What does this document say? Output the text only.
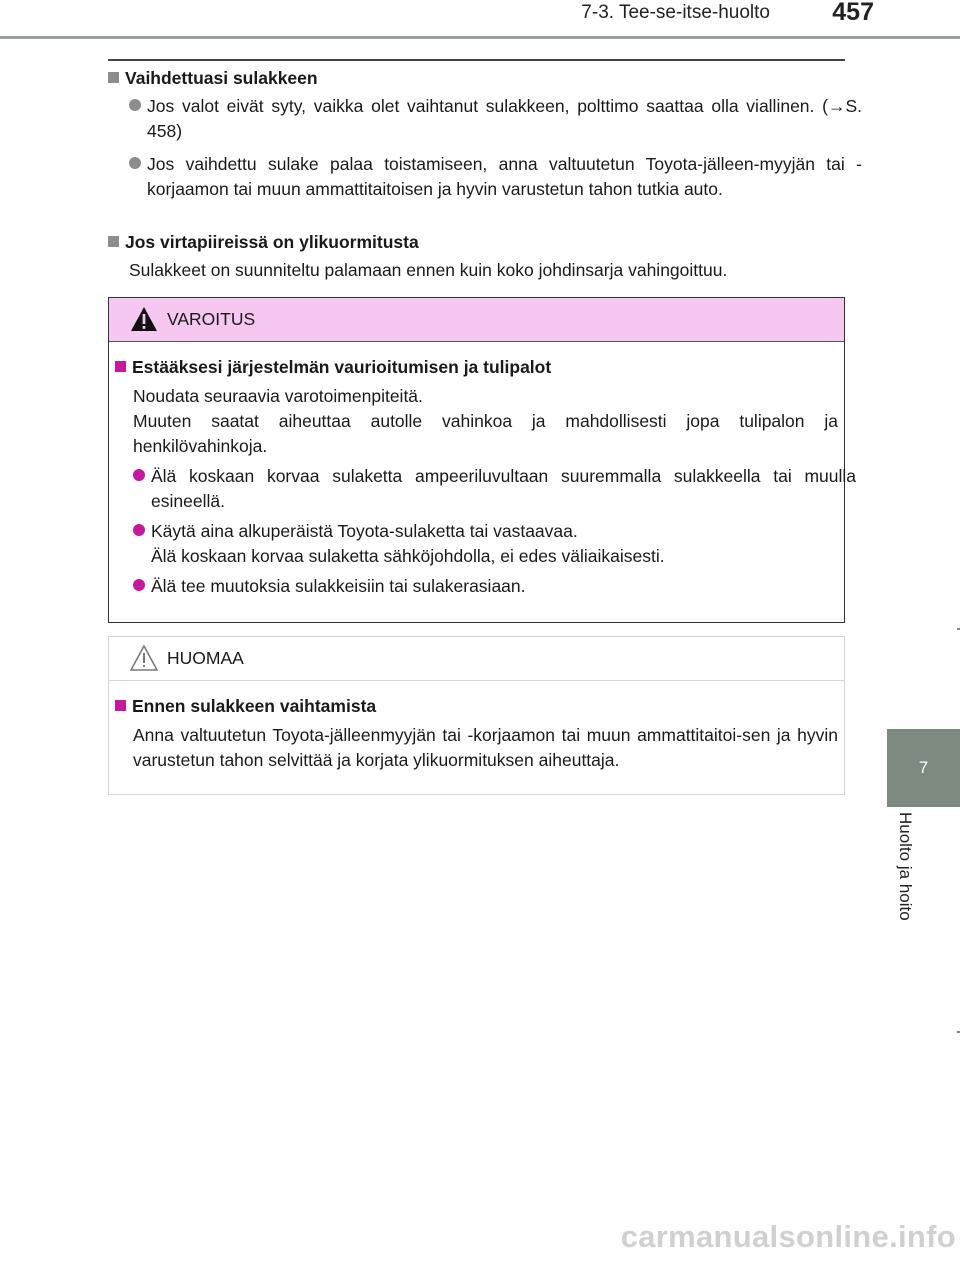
7-3. Tee-se-itse-huolto 457
Vaihdettuasi sulakkeen
Jos valot eivät syty, vaikka olet vaihtanut sulakkeen, polttimo saattaa olla viallinen. (→S. 458)
Jos vaihdettu sulake palaa toistamiseen, anna valtuutetun Toyota-jälleen-myyjän tai -korjaamon tai muun ammattitaitoisen ja hyvin varustetun tahon tutkia auto.
Jos virtapiireissä on ylikuormitusta
Sulakkeet on suunniteltu palamaan ennen kuin koko johdinsarja vahingoittuu.
VAROITUS
Estääksesi järjestelmän vaurioitumisen ja tulipalot
Noudata seuraavia varotoimenpiteitä.
Muuten saatat aiheuttaa autolle vahinkoa ja mahdollisesti jopa tulipalon ja henkilövahinkoja.
Älä koskaan korvaa sulaketta ampeeriluvultaan suuremmalla sulakkeella tai muulla esineellä.
Käytä aina alkuperäistä Toyota-sulaketta tai vastaavaa.
Älä koskaan korvaa sulaketta sähköjohdolla, ei edes väliaikaisesti.
Älä tee muutoksia sulakkeisiin tai sulakerasiaan.
HUOMAA
Ennen sulakkeen vaihtamista
Anna valtuutetun Toyota-jälleenmyyjän tai -korjaamon tai muun ammattitaitoi-sen ja hyvin varustetun tahon selvittää ja korjata ylikuormituksen aiheuttaja.	7
Huolto ja hoito
carmanualsonline.info
